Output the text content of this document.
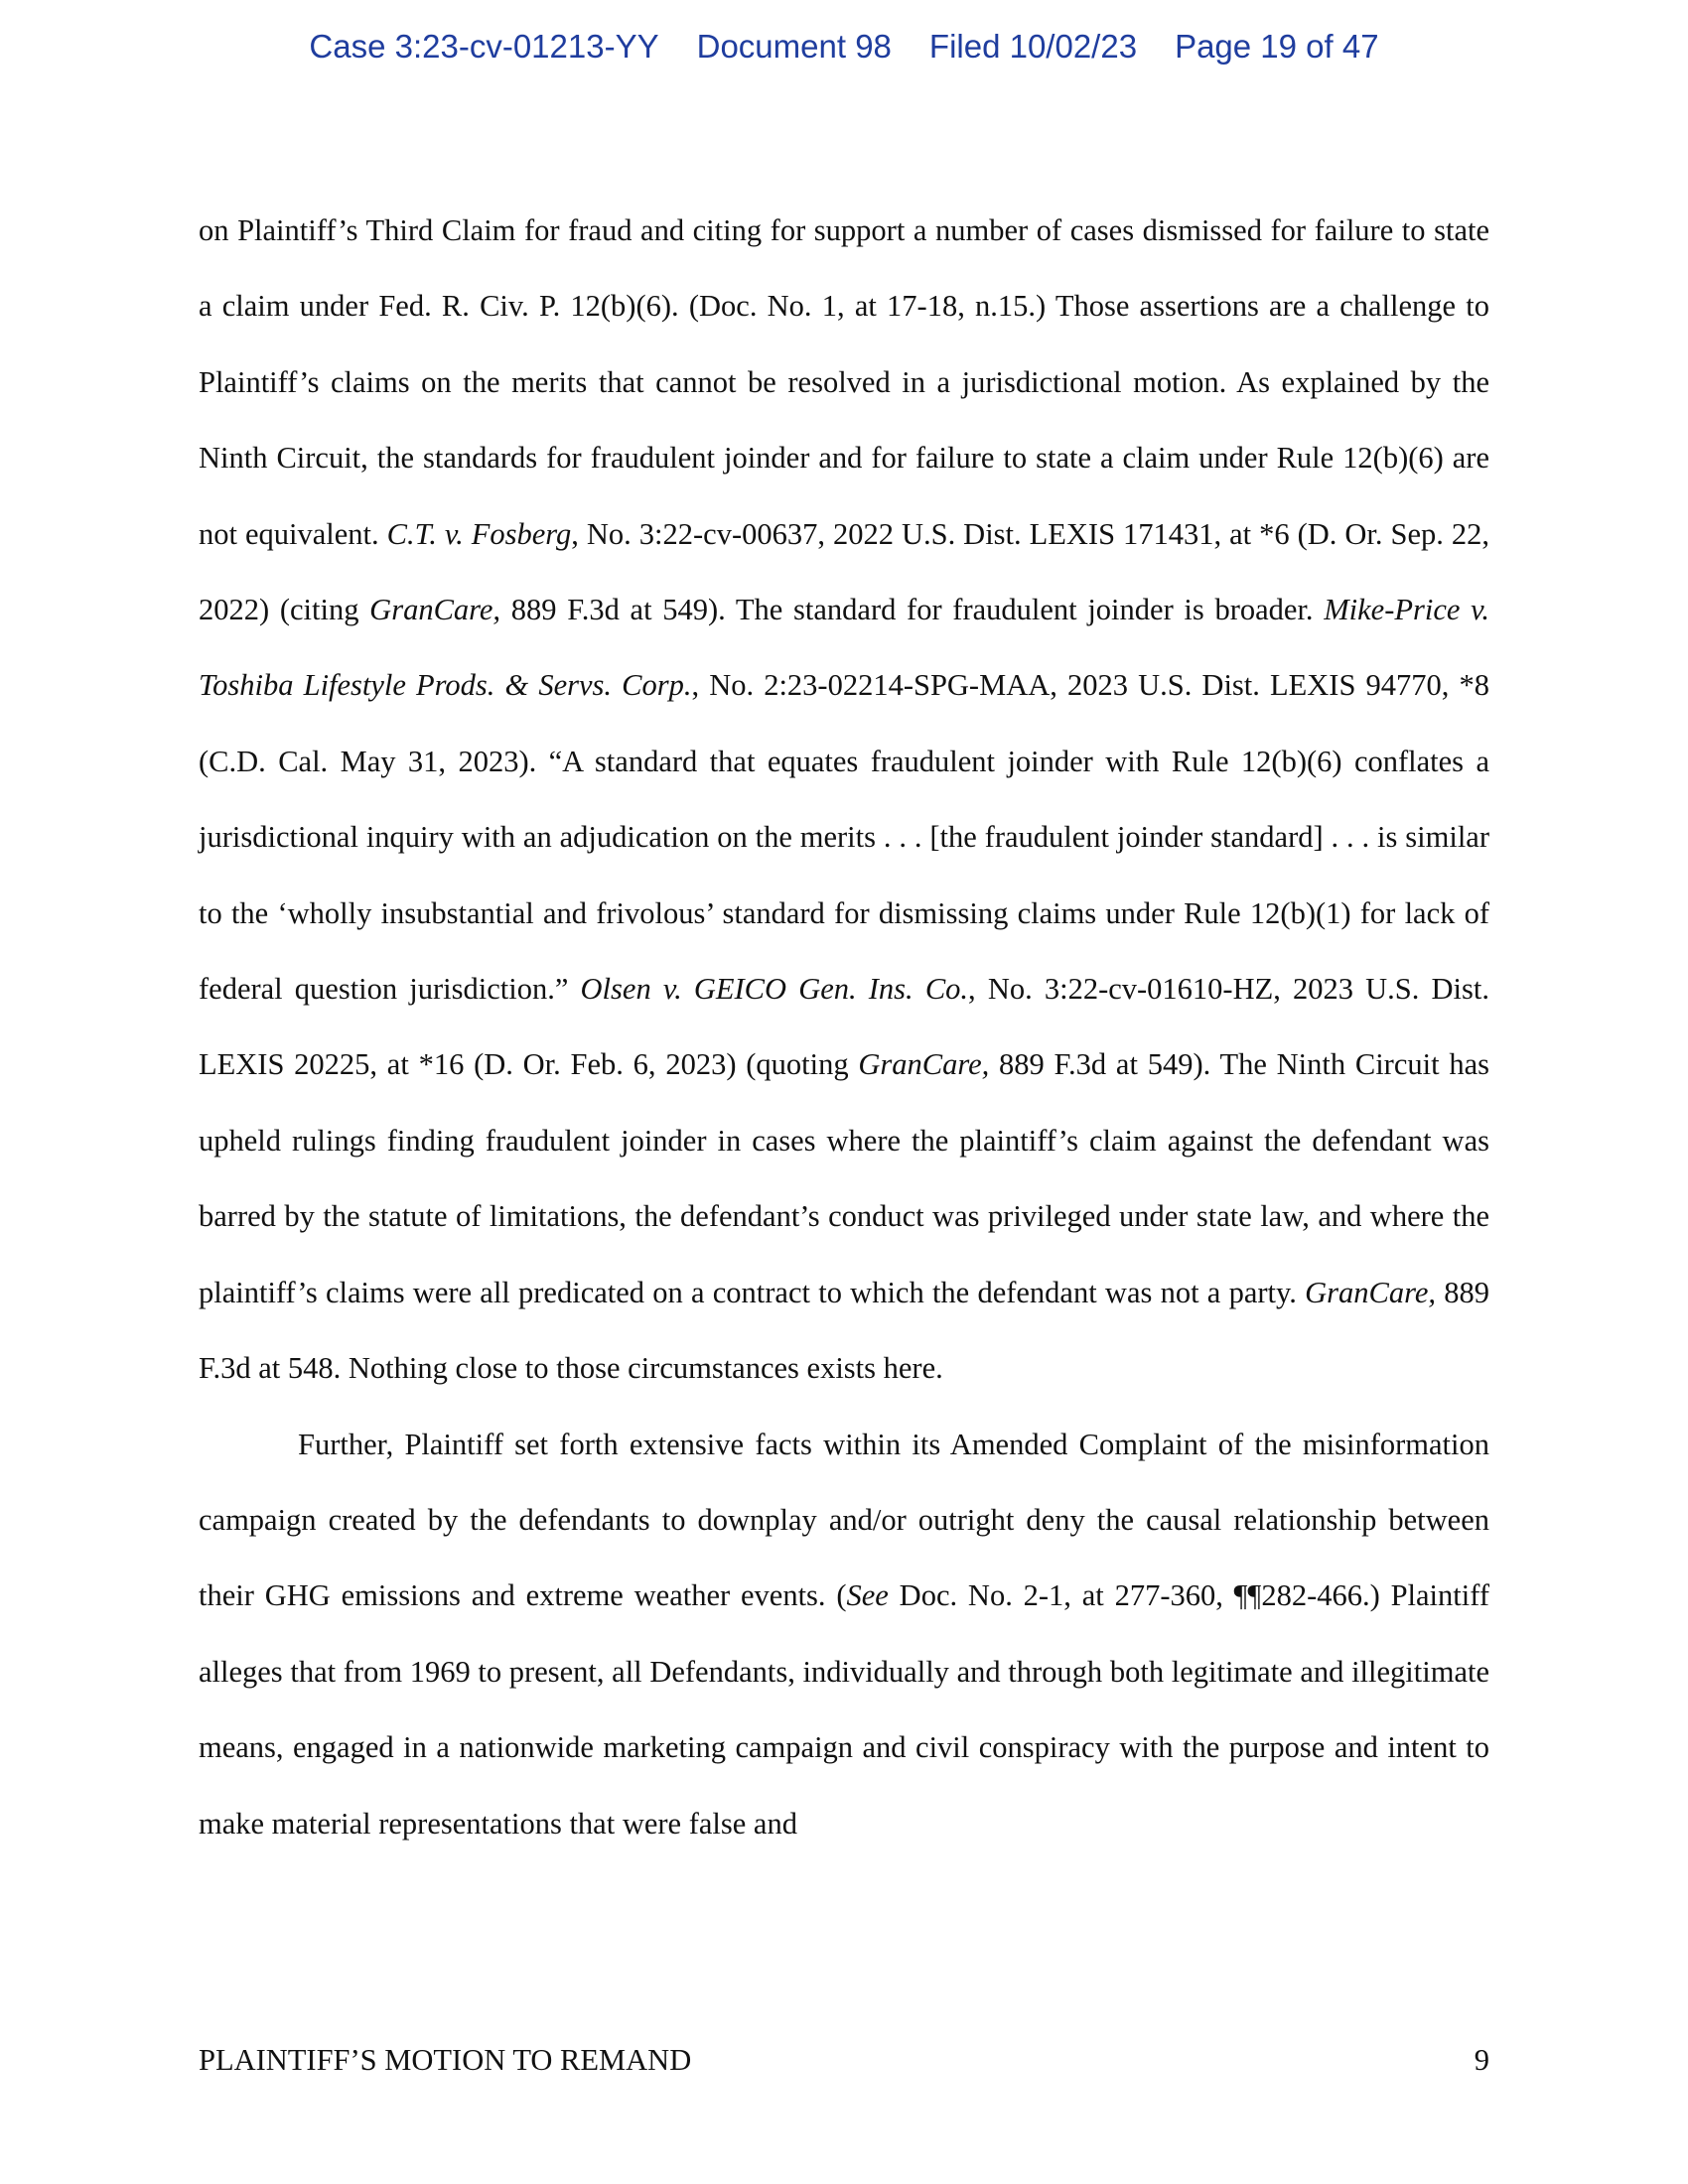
Case 3:23-cv-01213-YY Document 98 Filed 10/02/23 Page 19 of 47

on Plaintiff’s Third Claim for fraud and citing for support a number of cases dismissed for failure to state a claim under Fed. R. Civ. P. 12(b)(6). (Doc. No. 1, at 17-18, n.15.) Those assertions are a challenge to Plaintiff’s claims on the merits that cannot be resolved in a jurisdictional motion. As explained by the Ninth Circuit, the standards for fraudulent joinder and for failure to state a claim under Rule 12(b)(6) are not equivalent. C.T. v. Fosberg, No. 3:22-cv-00637, 2022 U.S. Dist. LEXIS 171431, at *6 (D. Or. Sep. 22, 2022) (citing GranCare, 889 F.3d at 549). The standard for fraudulent joinder is broader. Mike-Price v. Toshiba Lifestyle Prods. & Servs. Corp., No. 2:23-02214-SPG-MAA, 2023 U.S. Dist. LEXIS 94770, *8 (C.D. Cal. May 31, 2023). “A standard that equates fraudulent joinder with Rule 12(b)(6) conflates a jurisdictional inquiry with an adjudication on the merits . . . [the fraudulent joinder standard] . . . is similar to the ‘wholly insubstantial and frivolous’ standard for dismissing claims under Rule 12(b)(1) for lack of federal question jurisdiction.” Olsen v. GEICO Gen. Ins. Co., No. 3:22-cv-01610-HZ, 2023 U.S. Dist. LEXIS 20225, at *16 (D. Or. Feb. 6, 2023) (quoting GranCare, 889 F.3d at 549). The Ninth Circuit has upheld rulings finding fraudulent joinder in cases where the plaintiff’s claim against the defendant was barred by the statute of limitations, the defendant’s conduct was privileged under state law, and where the plaintiff’s claims were all predicated on a contract to which the defendant was not a party. GranCare, 889 F.3d at 548. Nothing close to those circumstances exists here.

Further, Plaintiff set forth extensive facts within its Amended Complaint of the misinformation campaign created by the defendants to downplay and/or outright deny the causal relationship between their GHG emissions and extreme weather events. (See Doc. No. 2-1, at 277-360, ¶¶282-466.) Plaintiff alleges that from 1969 to present, all Defendants, individually and through both legitimate and illegitimate means, engaged in a nationwide marketing campaign and civil conspiracy with the purpose and intent to make material representations that were false and

PLAINTIFF’S MOTION TO REMAND	9
